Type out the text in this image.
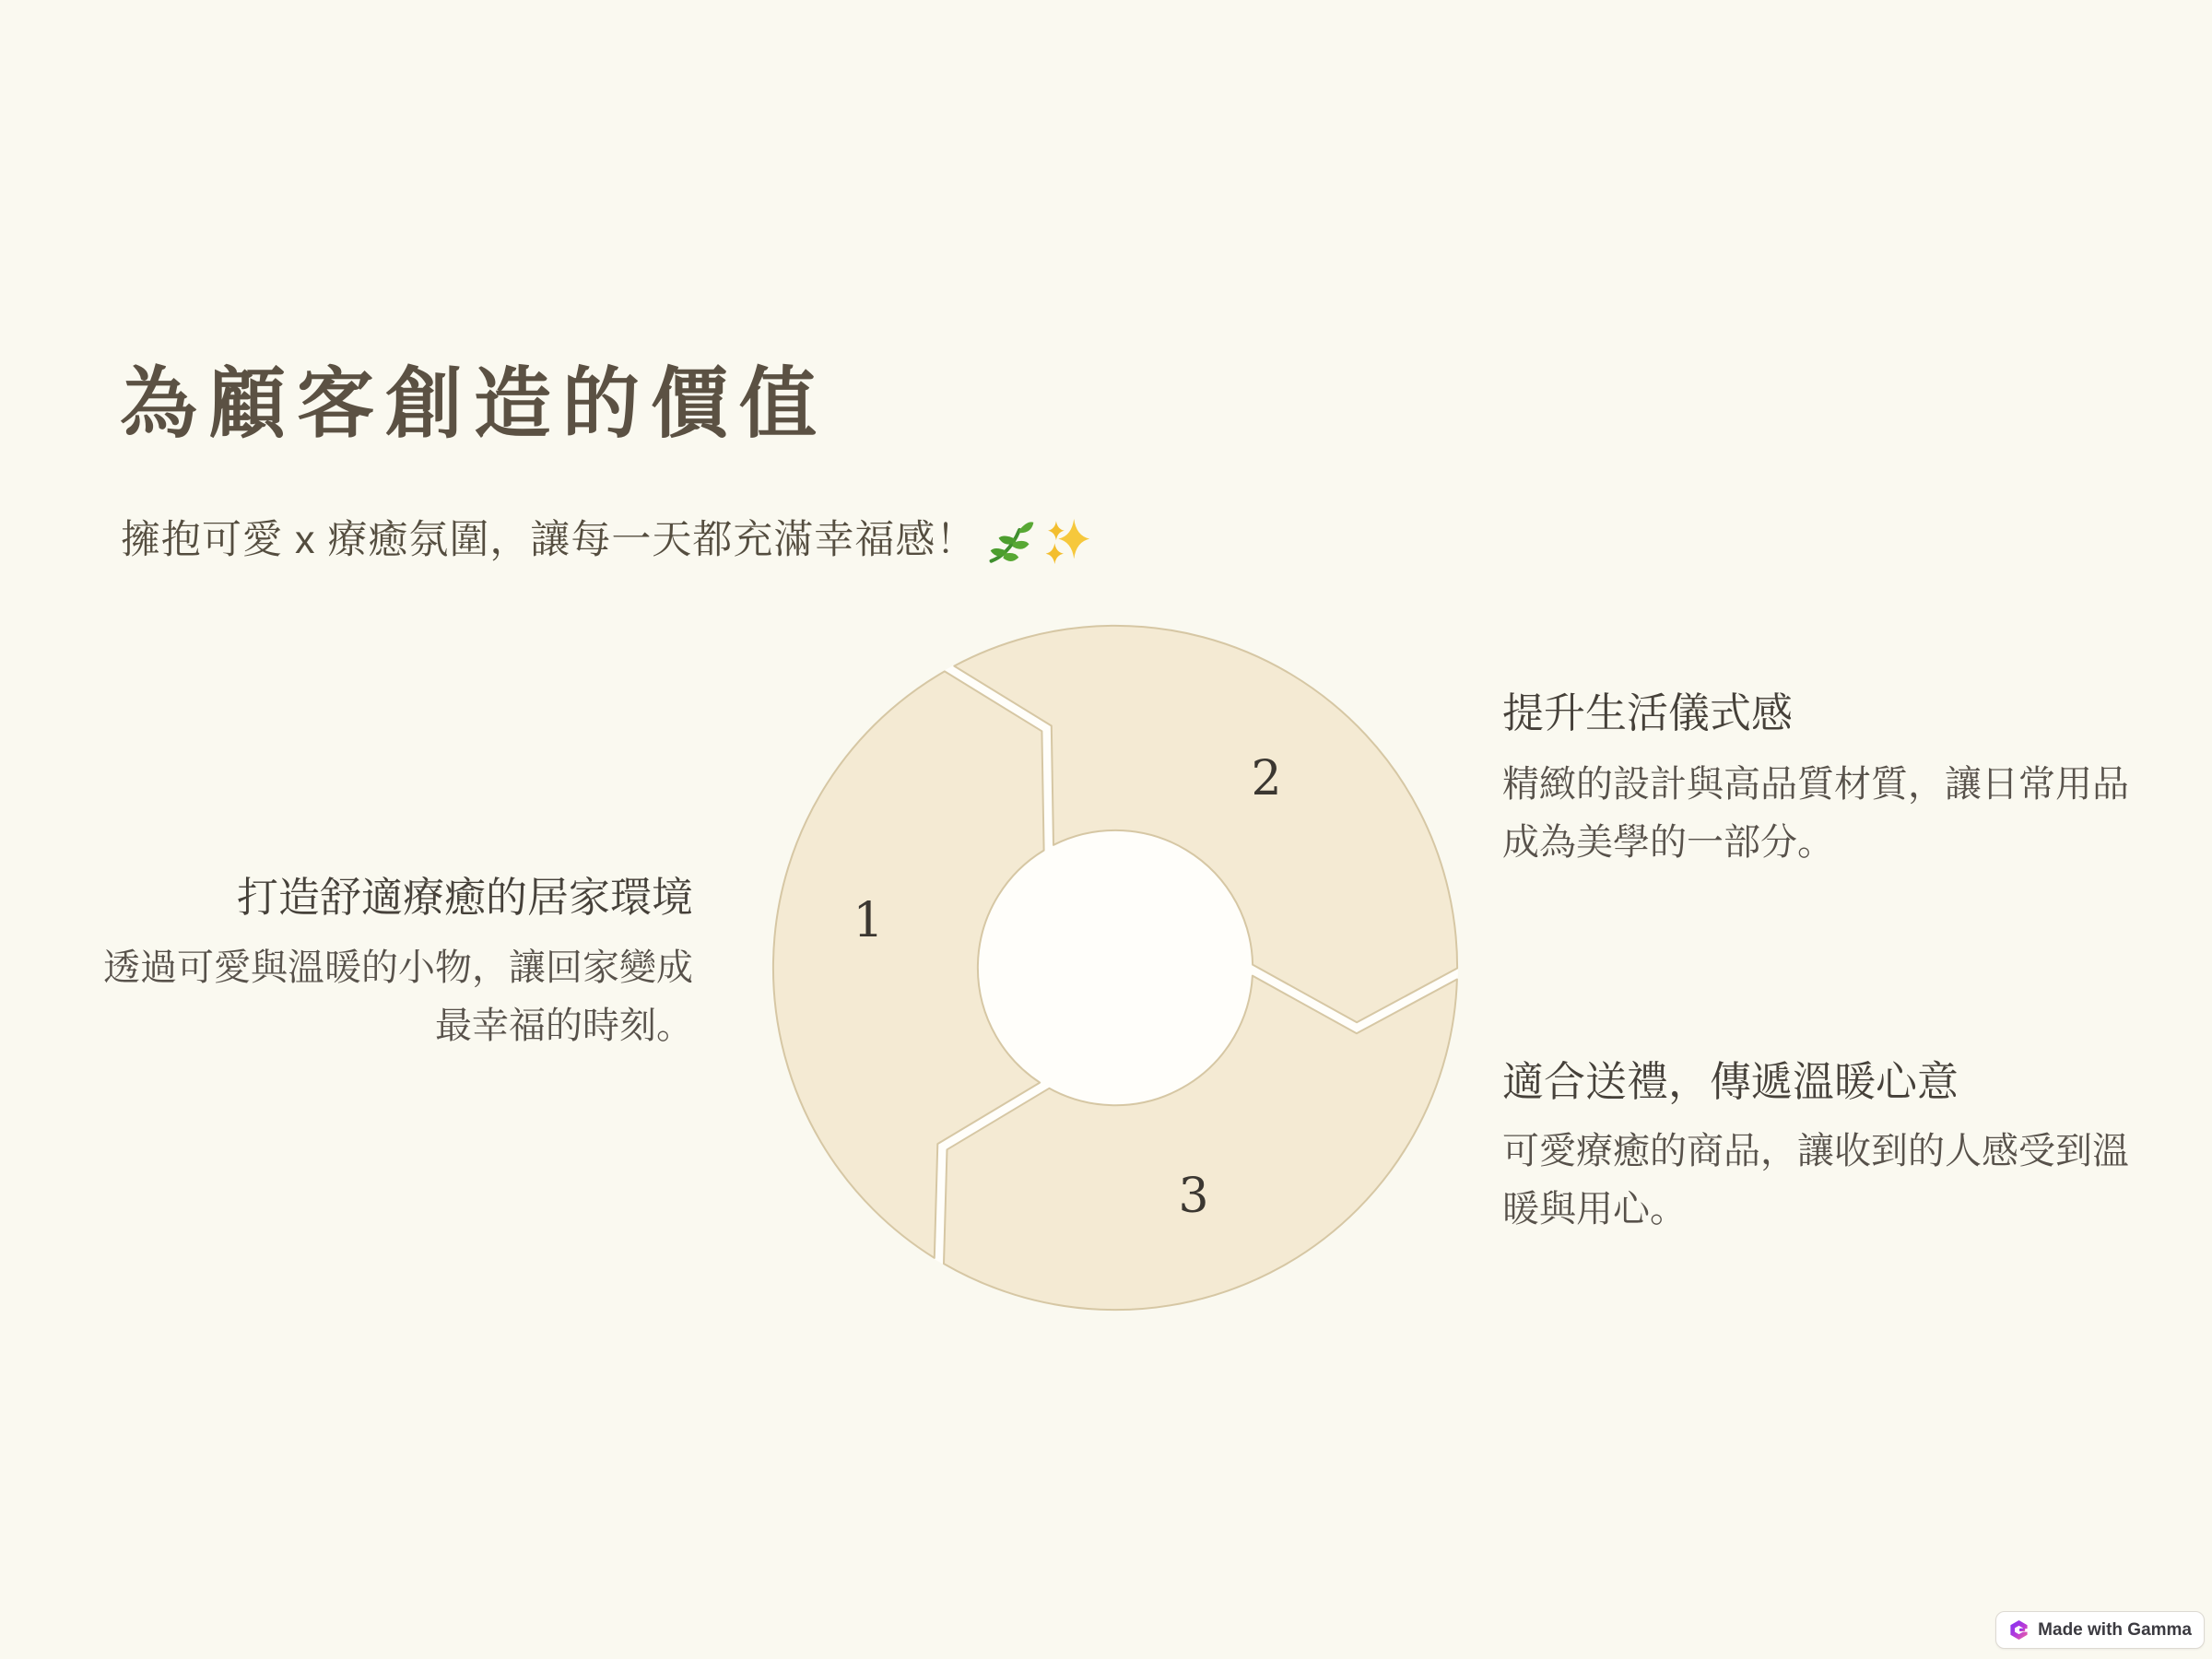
為顧客創造的價值
擁抱可愛 x 療癒氛圍，讓每一天都充滿幸福感！
1
2
3
打造舒適療癒的居家環境
透過可愛與溫暖的小物，讓回家變成最幸福的時刻。
提升生活儀式感
精緻的設計與高品質材質，讓日常用品成為美學的一部分。
適合送禮，傳遞溫暖心意
可愛療癒的商品，讓收到的人感受到溫暖與用心。
Made with Gamma
